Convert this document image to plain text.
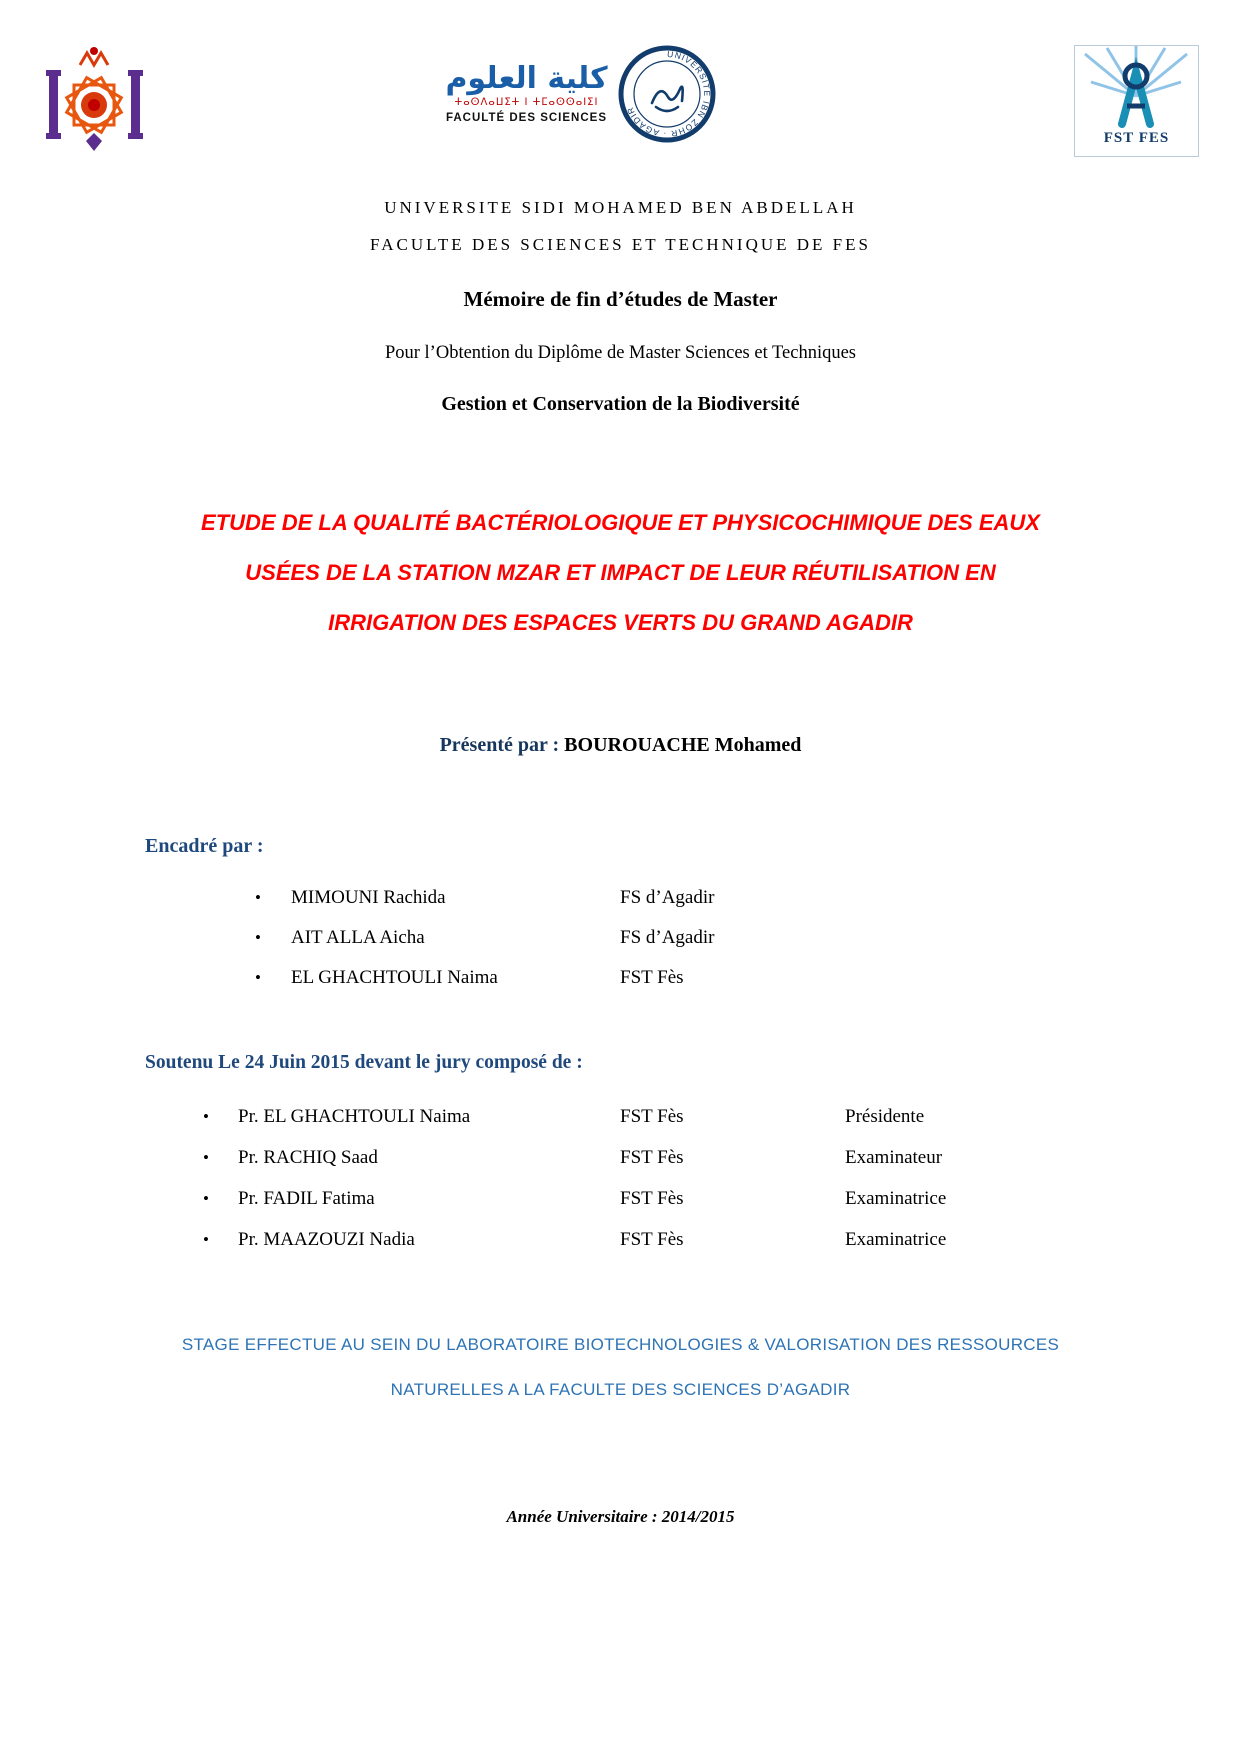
كلية العلوم
ⵜⴰⵙⴷⴰⵡⵉⵜ ⵏ ⵜⵎⴰⵙⵙⴰⵏⵉⵏ
FACULTÉ DES SCIENCES
UNIVERSITÉ IBN ZOHR · AGADIR
FST FES
UNIVERSITE SIDI MOHAMED BEN ABDELLAH
FACULTE DES SCIENCES ET TECHNIQUE DE FES
Mémoire de fin d’études de Master
Pour l’Obtention du Diplôme de Master Sciences et Techniques
Gestion et Conservation de la Biodiversité
ETUDE DE LA QUALITÉ BACTÉRIOLOGIQUE ET PHYSICOCHIMIQUE DES EAUX
USÉES DE LA STATION MZAR ET IMPACT DE LEUR RÉUTILISATION EN
IRRIGATION DES ESPACES VERTS DU GRAND AGADIR
Présenté par : BOUROUACHE Mohamed
Encadré par :
•	MIMOUNI Rachida	FS d’Agadir
•	AIT ALLA Aicha	FS d’Agadir
•	EL GHACHTOULI Naima	FST Fès
Soutenu Le 24 Juin 2015 devant le jury composé de :
•	Pr. EL GHACHTOULI Naima	FST Fès	Présidente
•	Pr. RACHIQ Saad	FST Fès	Examinateur
•	Pr. FADIL Fatima	FST Fès	Examinatrice
•	Pr. MAAZOUZI Nadia	FST Fès	Examinatrice
STAGE EFFECTUE AU SEIN DU LABORATOIRE BIOTECHNOLOGIES & VALORISATION DES RESSOURCES
NATURELLES A LA FACULTE DES SCIENCES D’AGADIR
Année Universitaire : 2014/2015
